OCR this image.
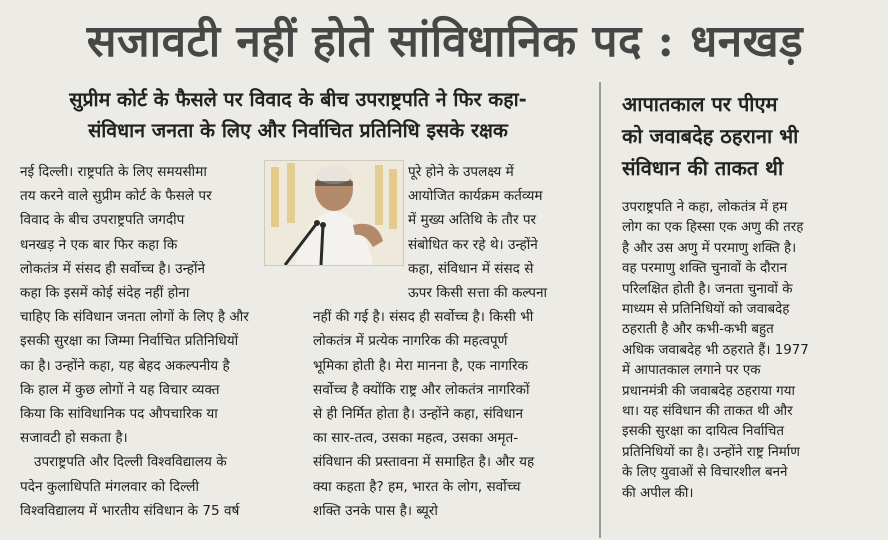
सजावटी नहीं होते सांविधानिक पद : धनखड़
सुप्रीम कोर्ट के फैसले पर विवाद के बीच उपराष्ट्रपति ने फिर कहा-
संविधान जनता के लिए और निर्वाचित प्रतिनिधि इसके रक्षक

नई दिल्ली। राष्ट्रपति के लिए समयसीमा

तय करने वाले सुप्रीम कोर्ट के फैसले पर

विवाद के बीच उपराष्ट्रपति जगदीप

धनखड़ ने एक बार फिर कहा कि

लोकतंत्र में संसद ही सर्वोच्च है। उन्होंने

कहा कि इसमें कोई संदेह नहीं होना

चाहिए कि संविधान जनता लोगों के लिए है और

इसकी सुरक्षा का जिम्मा निर्वाचित प्रतिनिधियों

का है। उन्होंने कहा, यह बेहद अकल्पनीय है

कि हाल में कुछ लोगों ने यह विचार व्यक्त

किया कि सांविधानिक पद औपचारिक या

सजावटी हो सकता है।

उपराष्ट्रपति और दिल्ली विश्वविद्यालय के

पदेन कुलाधिपति मंगलवार को दिल्ली

विश्वविद्यालय में भारतीय संविधान के 75 वर्ष

पूरे होने के उपलक्ष्य में

आयोजित कार्यक्रम कर्तव्यम

में मुख्य अतिथि के तौर पर

संबोधित कर रहे थे। उन्होंने

कहा, संविधान में संसद से

ऊपर किसी सत्ता की कल्पना

नहीं की गई है। संसद ही सर्वोच्च है। किसी भी

लोकतंत्र में प्रत्येक नागरिक की महत्वपूर्ण

भूमिका होती है। मेरा मानना है, एक नागरिक

सर्वोच्च है क्योंकि राष्ट्र और लोकतंत्र नागरिकों

से ही निर्मित होता है। उन्होंने कहा, संविधान

का सार-तत्व, उसका महत्व, उसका अमृत-

संविधान की प्रस्तावना में समाहित है। और यह

क्या कहता है? हम, भारत के लोग, सर्वोच्च

शक्ति उनके पास है। ब्यूरो

आपातकाल पर पीएम
को जवाबदेह ठहराना भी
संविधान की ताकत थी
उपराष्ट्रपति ने कहा, लोकतंत्र में हम
लोग का एक हिस्सा एक अणु की तरह
है और उस अणु में परमाणु शक्ति है।
वह परमाणु शक्ति चुनावों के दौरान
परिलक्षित होती है। जनता चुनावों के
माध्यम से प्रतिनिधियों को जवाबदेह
ठहराती है और कभी-कभी बहुत
अधिक जवाबदेह भी ठहराते हैं। 1977
में आपातकाल लगाने पर एक
प्रधानमंत्री की जवाबदेह ठहराया गया
था। यह संविधान की ताकत थी और
इसकी सुरक्षा का दायित्व निर्वाचित
प्रतिनिधियों का है। उन्होंने राष्ट्र निर्माण
के लिए युवाओं से विचारशील बनने
की अपील की।
